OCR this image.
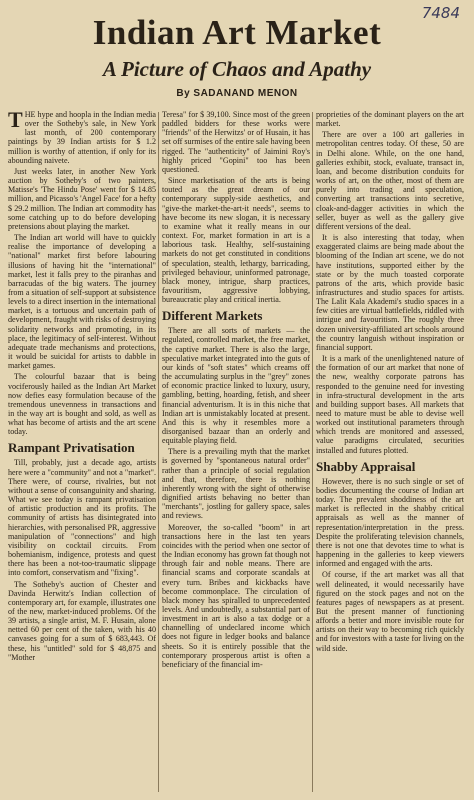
7484
Indian Art Market
A Picture of Chaos and Apathy
By SADANAND MENON

THE hype and hoopla in the Indian media over the Sotheby's sale, in New York last month, of 200 contemporary paintings by 39 Indian artists for $ 1.2 million is worthy of attention, if only for its abounding naivete.

Just weeks later, in another New York auction by Sotheby's of two painters, Matisse's 'The Hindu Pose' went for $ 14.85 million, and Picasso's 'Angel Face' for a hefty $ 29.2 million. The Indian art commodity has some catching up to do before developing pretensions about playing the market.

The Indian art world will have to quickly realise the importance of developing a "national" market first before labouring illusions of having hit the "international" market, lest it falls prey to the piranhas and barracudas of the big waters. The journey from a situation of self-support at subsistence levels to a direct insertion in the international market, is a tortuous and uncertain path of development, fraught with risks of destroying solidarity networks and promoting, in its place, the legitimacy of self-interest. Without adequate trade mechanisms and protections, it would be suicidal for artists to dabble in market games.

The colourful bazaar that is being vociferously hailed as the Indian Art Market now defies easy formulation because of the tremendous unevenness in transactions and in the way art is bought and sold, as well as what has become of artists and the art scene today.

Rampant Privatisation

Till, probably, just a decade ago, artists here were a "community" and not a "market". There were, of course, rivalries, but not without a sense of consanguinity and sharing. What we see today is rampant privatisation of artistic production and its profits. The community of artists has disintegrated into hierarchies, with personalised PR, aggressive manipulation of "connections" and high visibility on cocktail circuits. From bohemianism, indigence, protests and quest there has been a not-too-traumatic slippage into comfort, conservatism and "fixing".

The Sotheby's auction of Chester and Davinda Herwitz's Indian collection of contemporary art, for example, illustrates one of the new, market-induced problems. Of the 39 artists, a single artist, M. F. Husain, alone netted 60 per cent of the taken, with his 40 canvases going for a sum of $ 683,443. Of these, his "untitled" sold for $ 48,875 and "Mother

Teresa" for $ 39,100. Since most of the green paddled bidders for these works were "friends" of the Herwitzs' or of Husain, it has set off surmises of the entire sale having been rigged. The "authenticity" of Jaimini Roy's highly priced "Gopini" too has been questioned.

Since marketisation of the arts is being touted as the great dream of our contemporary supply-side aesthetics, and "give-the market-the-art-it needs", seems to have become its new slogan, it is necessary to examine what it really means in our context. For, market formation in art is a laborious task. Healthy, self-sustaining markets do not get constituted in conditions of speculation, stealth, lethargy, barricading, privileged behaviour, uninformed patronage, black money, intrigue, sharp practices, favouritism, aggressive lobbying, bureaucratic play and critical inertia.

Different Markets

There are all sorts of markets — the regulated, controlled market, the free market, the captive market. There is also the large, speculative market integrated into the guts of our kinds of "soft states" which creams off the accumulating surplus in the "grey" zones of economic practice linked to luxury, usury, gambling, betting, hoarding, fetish, and sheer financial adventurism. It is in this niche that Indian art is unmistakably located at present. And this is why it resembles more a disorganised bazaar than an orderly and equitable playing field.

There is a prevailing myth that the market is governed by "spontaneous natural order" rather than a principle of social regulation and that, therefore, there is nothing inherently wrong with the sight of otherwise dignified artists behaving no better than "merchants", jostling for gallery space, sales and reviews.

Moreover, the so-called "boom" in art transactions here in the last ten years coincides with the period when one sector of the Indian economy has grown fat though not through fair and noble means. There are financial scams and corporate scandals at every turn. Bribes and kickbacks have become commonplace. The circulation of black money has spiralled to unprecedented levels. And undoubtedly, a substantial part of investment in art is also a tax dodge or a channelling of undeclared income which does not figure in ledger books and balance sheets. So it is entirely possible that the contemporary prosperous artist is often a beneficiary of the financial im-

proprieties of the dominant players on the art market.

There are over a 100 art galleries in metropolitan centres today. Of these, 50 are in Delhi alone. While, on the one hand, galleries exhibit, stock, evaluate, transact in, loan, and become distribution conduits for works of art, on the other, most of them are purely into trading and speculation, converting art transactions into secretive, cloak-and-dagger activities in which the seller, buyer as well as the gallery give different versions of the deal.

It is also interesting that today, when exaggerated claims are being made about the blooming of the Indian art scene, we do not have institutions, supported either by the state or by the much toasted corporate patrons of the arts, which provide basic infrastructures and studio spaces for artists. The Lalit Kala Akademi's studio spaces in a few cities are virtual battlefields, riddled with intrigue and favouritism. The roughly three dozen university-affiliated art schools around the country languish without inspiration or financial support.

It is a mark of the unenlightened nature of the formation of our art market that none of the new, wealthy corporate patrons has responded to the genuine need for investing in infra-structural development in the arts and building support bases. All markets that need to mature must be able to devise well worked out institutional parameters through which trends are monitored and assessed, value paradigms circulated, securities installed and futures plotted.

Shabby Appraisal

However, there is no such single or set of bodies documenting the course of Indian art today. The prevalent shoddiness of the art market is reflected in the shabby critical appraisals as well as the manner of representation/interpretation in the press. Despite the proliferating television channels, there is not one that devotes time to what is happening in the galleries to keep viewers informed and engaged with the arts.

Of course, if the art market was all that well delineated, it would necessarily have figured on the stock pages and not on the features pages of newspapers as at present. But the present manner of functioning affords a better and more invisible route for artists on their way to becoming rich quickly and for investors with a taste for living on the wild side.
